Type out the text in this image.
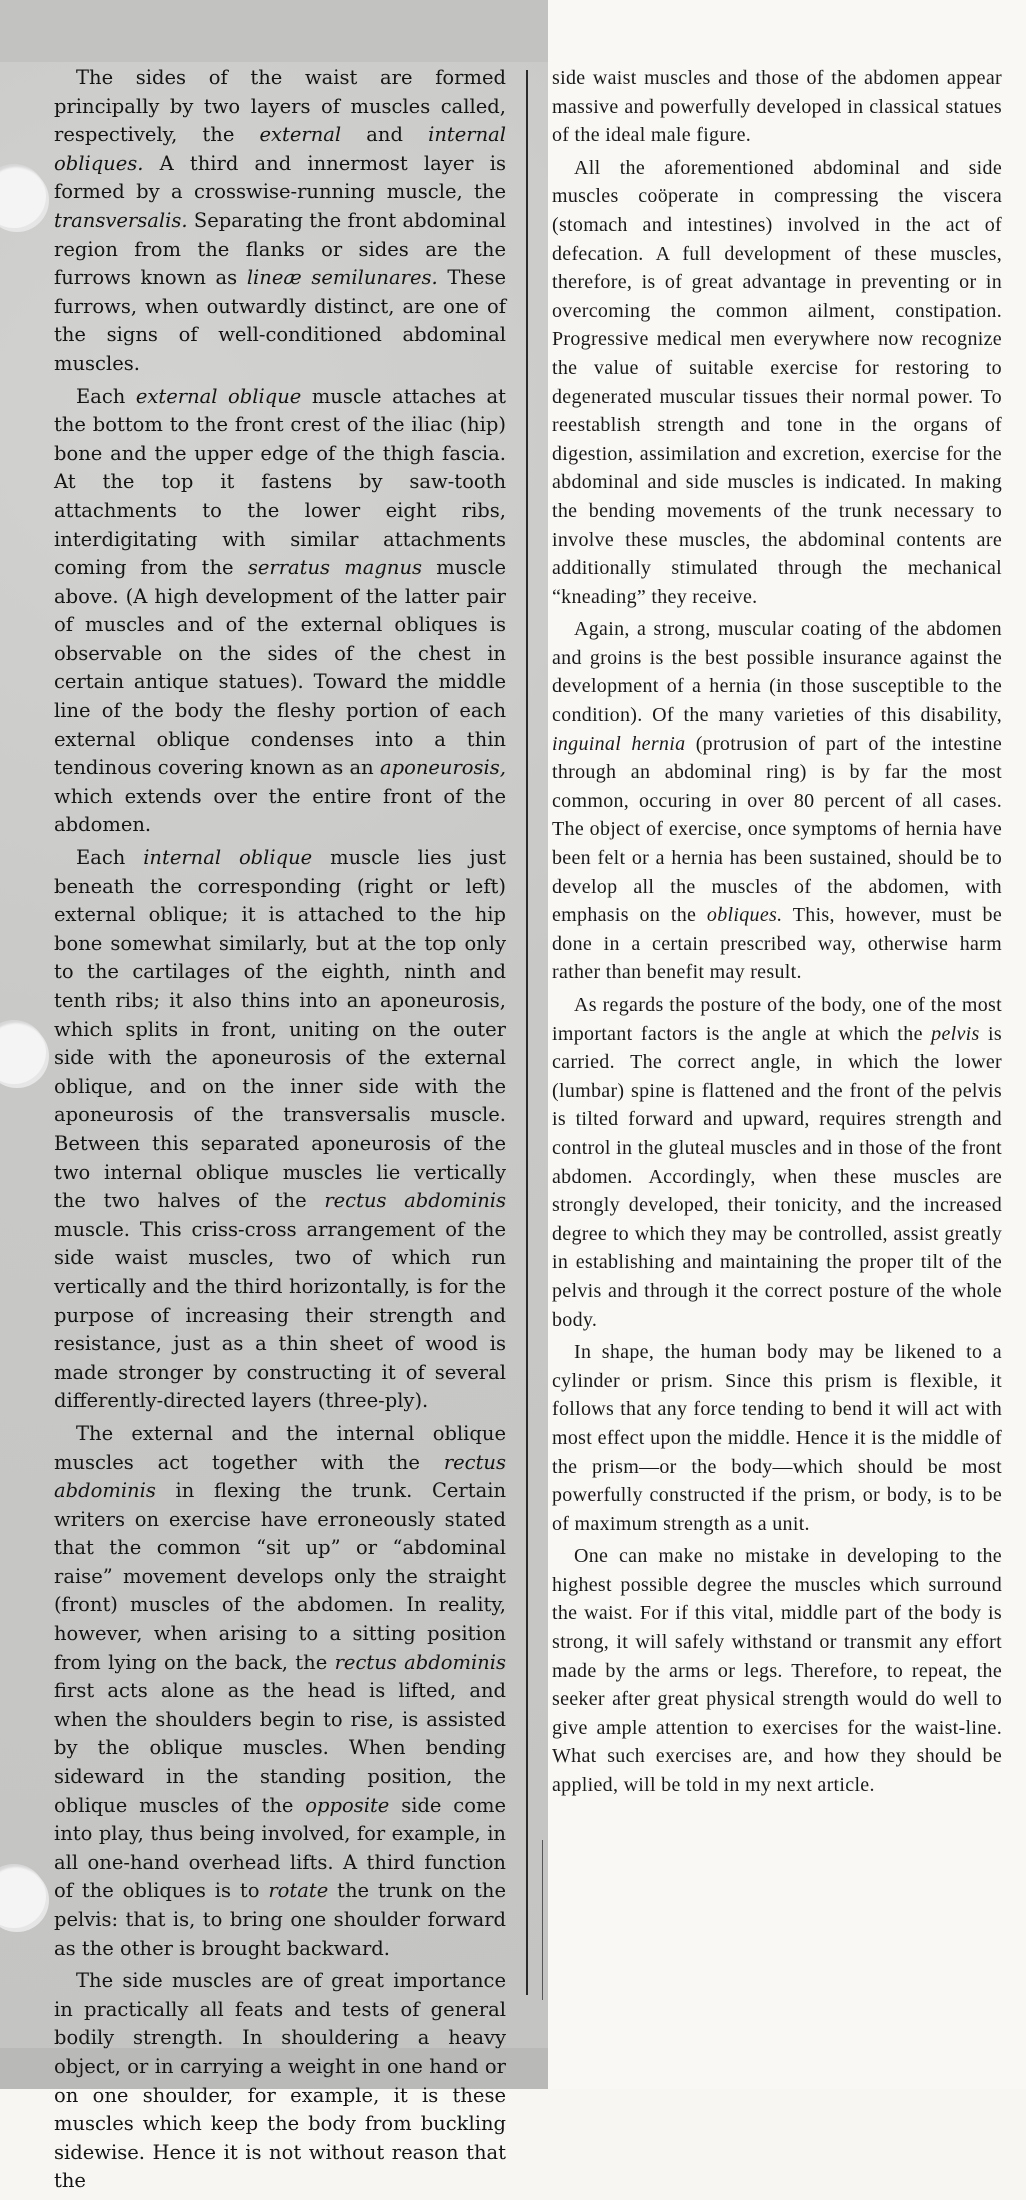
The sides of the waist are formed principally by two layers of muscles called, respectively, the external and internal obliques. A third and innermost layer is formed by a crosswise-running muscle, the transversalis. Separating the front abdominal region from the flanks or sides are the furrows known as lineæ semilunares. These furrows, when outwardly distinct, are one of the signs of well-conditioned abdominal muscles.

Each external oblique muscle attaches at the bottom to the front crest of the iliac (hip) bone and the upper edge of the thigh fascia. At the top it fastens by saw-tooth attachments to the lower eight ribs, interdigitating with similar attachments coming from the serratus magnus muscle above. (A high development of the latter pair of muscles and of the external obliques is observable on the sides of the chest in certain antique statues). Toward the middle line of the body the fleshy portion of each external oblique condenses into a thin tendinous covering known as an aponeurosis, which extends over the entire front of the abdomen.

Each internal oblique muscle lies just beneath the corresponding (right or left) external oblique; it is attached to the hip bone somewhat similarly, but at the top only to the cartilages of the eighth, ninth and tenth ribs; it also thins into an aponeurosis, which splits in front, uniting on the outer side with the aponeurosis of the external oblique, and on the inner side with the aponeurosis of the transversalis muscle. Between this separated aponeurosis of the two internal oblique muscles lie vertically the two halves of the rectus abdominis muscle. This criss-cross arrangement of the side waist muscles, two of which run vertically and the third horizontally, is for the purpose of increasing their strength and resistance, just as a thin sheet of wood is made stronger by constructing it of several differently-directed layers (three-ply).

The external and the internal oblique muscles act together with the rectus abdominis in flexing the trunk. Certain writers on exercise have erroneously stated that the common “sit up” or “abdominal raise” movement develops only the straight (front) muscles of the abdomen. In reality, however, when arising to a sitting position from lying on the back, the rectus abdominis first acts alone as the head is lifted, and when the shoulders begin to rise, is assisted by the oblique muscles. When bending sideward in the standing position, the oblique muscles of the opposite side come into play, thus being involved, for example, in all one-hand overhead lifts. A third function of the obliques is to rotate the trunk on the pelvis: that is, to bring one shoulder forward as the other is brought backward.

The side muscles are of great importance in practically all feats and tests of general bodily strength. In shouldering a heavy object, or in carrying a weight in one hand or on one shoulder, for example, it is these muscles which keep the body from buckling sidewise. Hence it is not without reason that the

side waist muscles and those of the abdomen appear massive and powerfully developed in classical statues of the ideal male figure.

All the aforementioned abdominal and side muscles coöperate in compressing the viscera (stomach and intestines) involved in the act of defecation. A full development of these muscles, therefore, is of great advantage in preventing or in overcoming the common ailment, constipation. Progressive medical men everywhere now recognize the value of suitable exercise for restoring to degenerated muscular tissues their normal power. To reestablish strength and tone in the organs of digestion, assimilation and excretion, exercise for the abdominal and side muscles is indicated. In making the bending movements of the trunk necessary to involve these muscles, the abdominal contents are additionally stimulated through the mechanical “kneading” they receive.

Again, a strong, muscular coating of the abdomen and groins is the best possible insurance against the development of a hernia (in those susceptible to the condition). Of the many varieties of this disability, inguinal hernia (protrusion of part of the intestine through an abdominal ring) is by far the most common, occuring in over 80 percent of all cases. The object of exercise, once symptoms of hernia have been felt or a hernia has been sustained, should be to develop all the muscles of the abdomen, with emphasis on the obliques. This, however, must be done in a certain prescribed way, otherwise harm rather than benefit may result.

As regards the posture of the body, one of the most important factors is the angle at which the pelvis is carried. The correct angle, in which the lower (lumbar) spine is flattened and the front of the pelvis is tilted forward and upward, requires strength and control in the gluteal muscles and in those of the front abdomen. Accordingly, when these muscles are strongly developed, their tonicity, and the increased degree to which they may be controlled, assist greatly in establishing and maintaining the proper tilt of the pelvis and through it the correct posture of the whole body.

In shape, the human body may be likened to a cylinder or prism. Since this prism is flexible, it follows that any force tending to bend it will act with most effect upon the middle. Hence it is the middle of the prism—or the body—which should be most powerfully constructed if the prism, or body, is to be of maximum strength as a unit.

One can make no mistake in developing to the highest possible degree the muscles which surround the waist. For if this vital, middle part of the body is strong, it will safely withstand or transmit any effort made by the arms or legs. Therefore, to repeat, the seeker after great physical strength would do well to give ample attention to exercises for the waist-line. What such exercises are, and how they should be applied, will be told in my next article.
